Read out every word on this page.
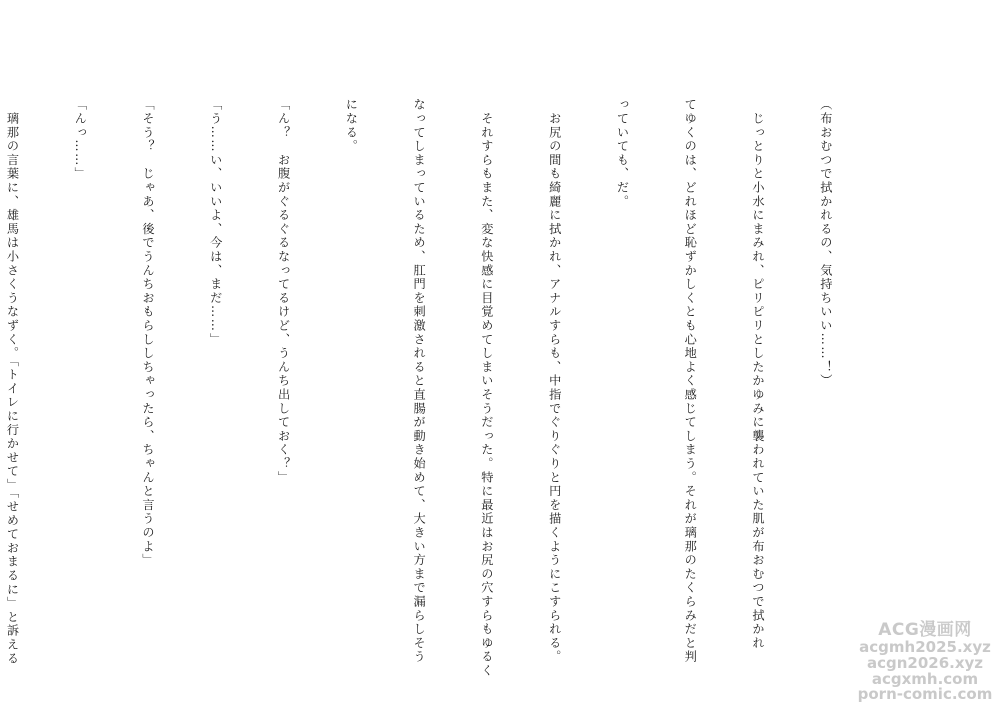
（布おむつで拭かれるの、気持ちいい……！）

　じっとりと小水にまみれ、ピリピリとしたかゆみに襲われていた肌が布おむつで拭かれ

てゆくのは、どれほど恥ずかしくとも心地よく感じてしまう。それが璃那のたくらみだと判

っていても、だ。

　お尻の間も綺麗に拭かれ、アナルすらも、中指でぐりぐりと円を描くようにこすられる。

　それすらもまた、変な快感に目覚めてしまいそうだった。特に最近はお尻の穴すらもゆるく

なってしまっているため、肛門を刺激されると直腸が動き始めて、大きい方まで漏らしそう

になる。

「ん？　お腹がぐるぐるなってるけど、うんち出しておく？」

「う……い、いいよ、今は、まだ……」

「そう？　じゃあ、後でうんちおもらししちゃったら、ちゃんと言うのよ」

「んっ……」

　璃那の言葉に、雄馬は小さくうなずく。「トイレに行かせて」「せめておまるに」と訴える

	ACG漫画网
acgmh2025.xyz
acgn2026.xyz
acgxmh.com
porn-comic.com
